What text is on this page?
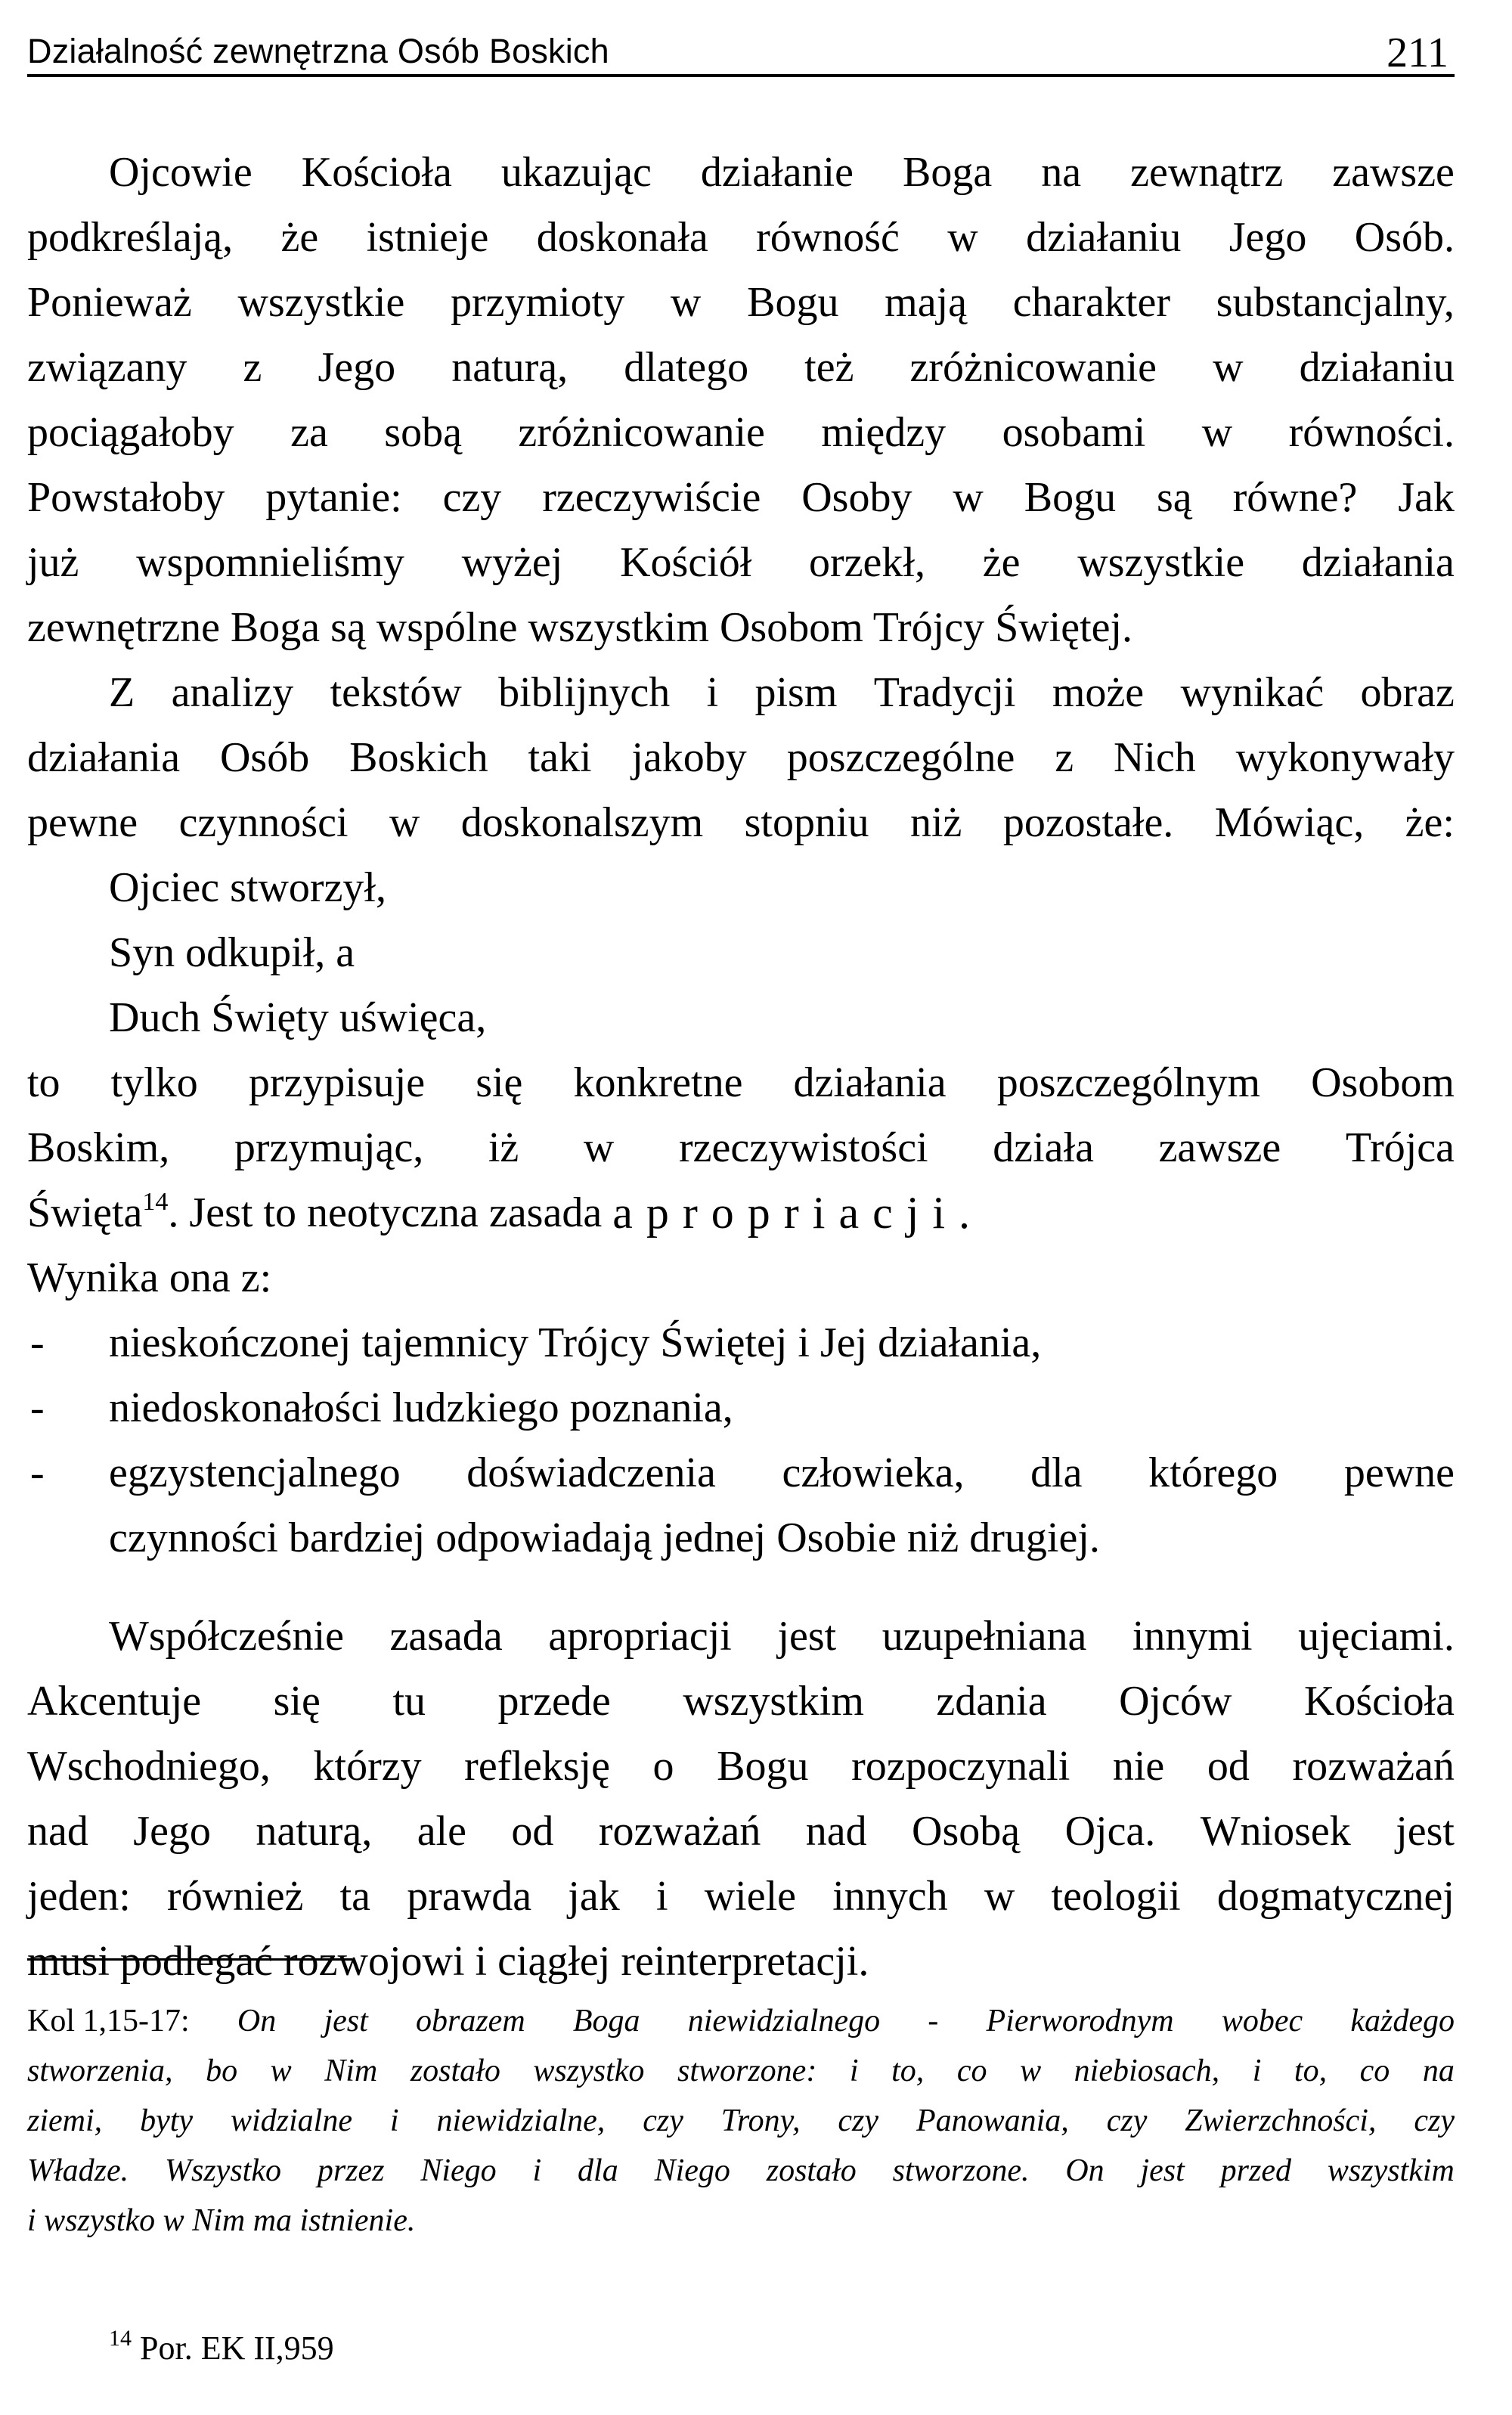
Działalność zewnętrzna Osób Boskich	211
Ojcowie Kościoła ukazując działanie Boga na zewnątrz zawsze
podkreślają, że istnieje doskonała równość w działaniu Jego Osób.
Ponieważ wszystkie przymioty w Bogu mają charakter substancjalny,
związany z Jego naturą, dlatego też zróżnicowanie w działaniu
pociągałoby za sobą zróżnicowanie między osobami w równości.
Powstałoby pytanie: czy rzeczywiście Osoby w Bogu są równe? Jak
już wspomnieliśmy wyżej Kościół orzekł, że wszystkie działania
zewnętrzne Boga są wspólne wszystkim Osobom Trójcy Świętej.
Z analizy tekstów biblijnych i pism Tradycji może wynikać obraz
działania Osób Boskich taki jakoby poszczególne z Nich wykonywały
pewne czynności w doskonalszym stopniu niż pozostałe. Mówiąc, że:
Ojciec stworzył,
Syn odkupił, a
Duch Święty uświęca,
to tylko przypisuje się konkretne działania poszczególnym Osobom
Boskim, przymując, iż w rzeczywistości działa zawsze Trójca
Święta$^{14}$. Jest to neotyczna zasada apropriacji.
Wynika ona z:
-	nieskończonej tajemnicy Trójcy Świętej i Jej działania,
-	niedoskonałości ludzkiego poznania,
-	egzystencjalnego doświadczenia człowieka, dla którego pewne
czynności bardziej odpowiadają jednej Osobie niż drugiej.
Współcześnie zasada apropriacji jest uzupełniana innymi ujęciami.
Akcentuje się tu przede wszystkim zdania Ojców Kościoła
Wschodniego, którzy refleksję o Bogu rozpoczynali nie od rozważań
nad Jego naturą, ale od rozważań nad Osobą Ojca. Wniosek jest
jeden: również ta prawda jak i wiele innych w teologii dogmatycznej
musi podlegać rozwojowi i ciągłej reinterpretacji.
Kol 1,15-17: On jest obrazem Boga niewidzialnego - Pierworodnym wobec każdego
stworzenia, bo w Nim zostało wszystko stworzone: i to, co w niebiosach, i to, co na
ziemi, byty widzialne i niewidzialne, czy Trony, czy Panowania, czy Zwierzchności, czy
Władze. Wszystko przez Niego i dla Niego zostało stworzone. On jest przed wszystkim
i wszystko w Nim ma istnienie.
$^{14}$ Por. EK II,959
